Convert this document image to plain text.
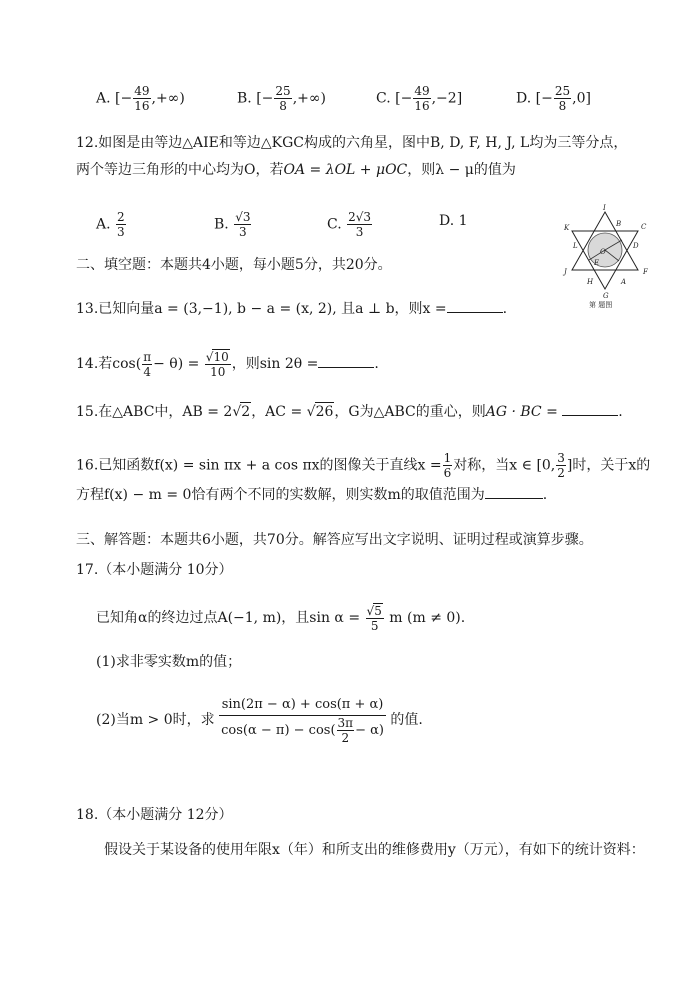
A. [− $\frac{49}{16}$ ,+∞)	B. [− $\frac{25}{8}$ ,+∞)	C. [− $\frac{49}{16} ,-2$]	D. [− $\frac{25}{8} ,0$]
12.如图是由等边△AIE和等边△KGC构成的六角星，图中B, D, F, H, J, L均为三等分点，
两个等边三角形的中心均为O，若OA = λOL + μOC，则λ − μ的值为
A. $\frac{2}{3}$	B. $\frac{√3}{3}$	C. $\frac{2√3}{3}$	D. 1
I
K	B	C
L	D
O
J	F
H	A
G
E
第 题图
二、填空题：本题共4小题，每小题5分，共20分。
13.已知向量a = (3,−1), b − a = (x, 2), 且a ⊥ b，则x =	.
14.若$\cos( \frac{\pi}{4} - \theta) = \frac{√10}{10}$ ，则sin 2θ =	.
15.在△ABC中，AB = 2√2，AC = √26，G为△ABC的重心，则AG · BC =	.
16.已知函数f(x) = sin πx + a cos πx的图像关于直线$x = \frac{1}{6}$ 对称，当x ∈ [0, $\frac{3}{2}$ ]时，关于x的
方程f(x) − m = 0恰有两个不同的实数解，则实数m的取值范围为	.
三、解答题：本题共6小题，共70分。解答应写出文字说明、证明过程或演算步骤。
17.（本小题满分 10分）
已知角α的终边过点A(−1, m)，且$\sin \alpha = \frac{√5}{5}$ m (m ≠ 0).
(1)求非零实数m的值；
(2)当m > 0时，求 $\frac{\sin(2\pi - \alpha) + \cos(\pi + \alpha)}{\cos(\alpha - \pi) - \cos( \frac{3\pi}{2} - \alpha)}$ 的值.
18.（本小题满分 12分）
假设关于某设备的使用年限x（年）和所支出的维修费用y（万元），有如下的统计资料：
